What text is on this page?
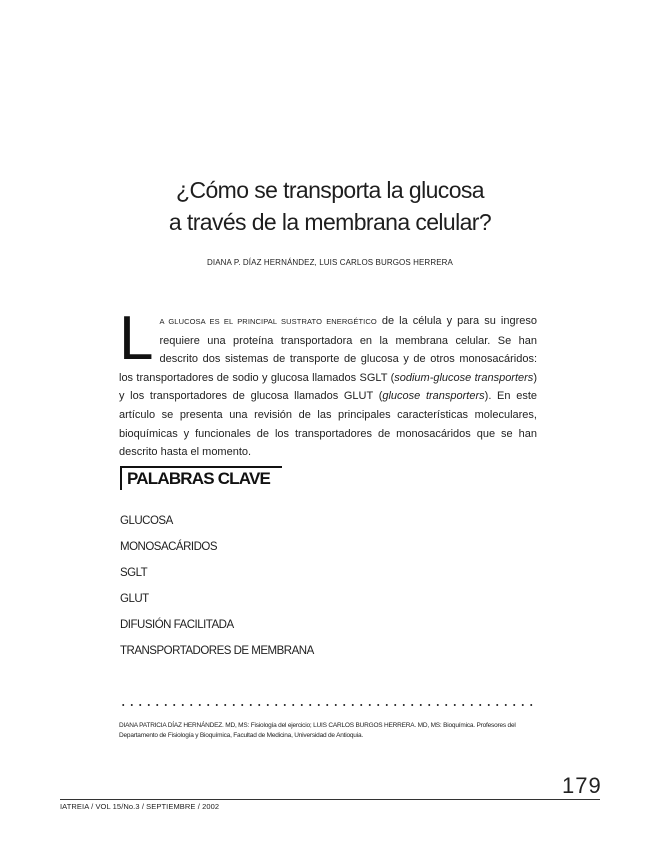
¿Cómo se transporta la glucosa
a través de la membrana celular?
DIANA P. DÍAZ HERNÁNDEZ, LUIS CARLOS BURGOS HERRERA
L A GLUCOSA ES EL PRINCIPAL SUSTRATO ENERGÉTICO de la célula y para su ingreso requiere una proteína transportadora en la membrana celular. Se han descrito dos sistemas de transporte de glucosa y de otros monosacáridos: los transportadores de sodio y glucosa llamados SGLT (sodium-glucose transporters) y los transportadores de glucosa llamados GLUT (glucose transporters). En este artículo se presenta una revisión de las principales características moleculares, bioquímicas y funcionales de los transportadores de monosacáridos que se han descrito hasta el momento.
PALABRAS CLAVE
GLUCOSA
MONOSACÁRIDOS
SGLT
GLUT
DIFUSIÓN FACILITADA
TRANSPORTADORES DE MEMBRANA
DIANA PATRICIA DÍAZ HERNÁNDEZ. MD, MS: Fisiología del ejercicio; LUIS CARLOS BURGOS HERRERA. MD, MS: Bioquímica. Profesores del Departamento de Fisiología y Bioquímica, Facultad de Medicina, Universidad de Antioquia.
179
IATREIA / VOL 15/No.3 / SEPTIEMBRE / 2002
